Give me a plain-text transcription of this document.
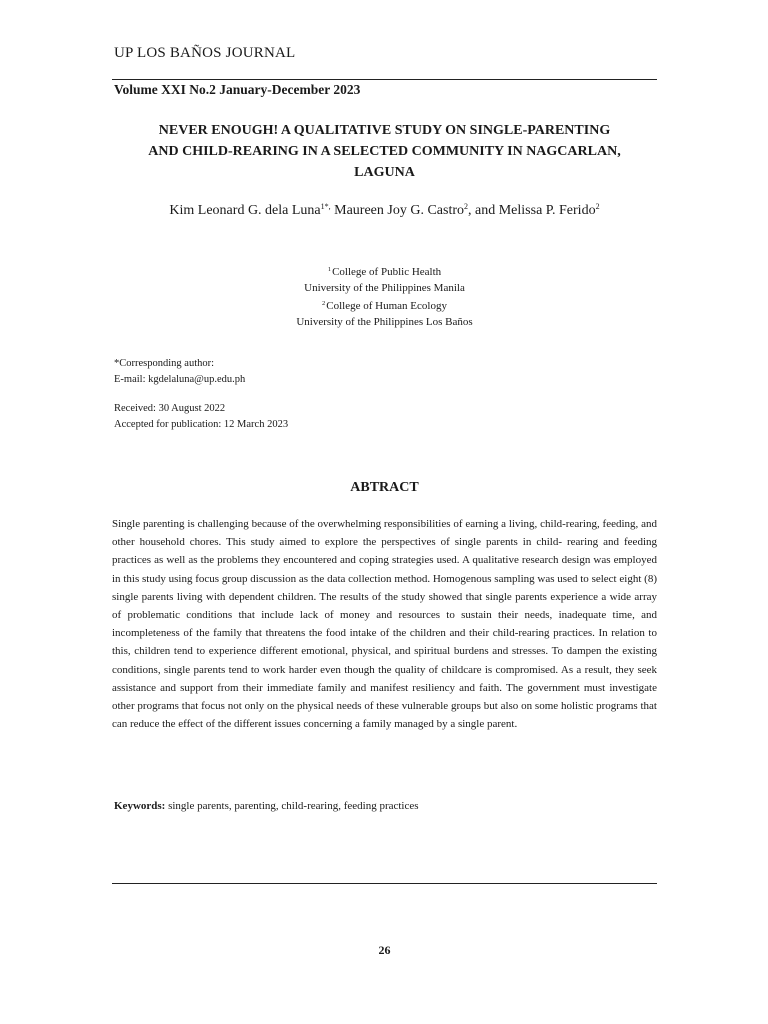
UP LOS BAÑOS JOURNAL
Volume XXI No.2 January-December 2023
NEVER ENOUGH! A QUALITATIVE STUDY ON SINGLE-PARENTING
AND CHILD-REARING IN A SELECTED COMMUNITY IN NAGCARLAN,
LAGUNA
Kim Leonard G. dela Luna$^{1*,}$ Maureen Joy G. Castro$^2$, and Melissa P. Ferido$^2$
$^1$College of Public Health
University of the Philippines Manila
$^2$College of Human Ecology
University of the Philippines Los Baños
*Corresponding author:
E-mail: kgdelaluna@up.edu.ph
Received: 30 August 2022
Accepted for publication: 12 March 2023
ABTRACT
Single parenting is challenging because of the overwhelming responsibilities of earning a living, child-rearing, feeding, and other household chores. This study aimed to explore the perspectives of single parents in child- rearing and feeding practices as well as the problems they encountered and coping strategies used. A qualitative research design was employed in this study using focus group discussion as the data collection method. Homogenous sampling was used to select eight (8) single parents living with dependent children. The results of the study showed that single parents experience a wide array of problematic conditions that include lack of money and resources to sustain their needs, inadequate time, and incompleteness of the family that threatens the food intake of the children and their child-rearing practices. In relation to this, children tend to experience different emotional, physical, and spiritual burdens and stresses. To dampen the existing conditions, single parents tend to work harder even though the quality of childcare is compromised. As a result, they seek assistance and support from their immediate family and manifest resiliency and faith. The government must investigate other programs that focus not only on the physical needs of these vulnerable groups but also on some holistic programs that can reduce the effect of the different issues concerning a family managed by a single parent.
Keywords: single parents, parenting, child-rearing, feeding practices
26
